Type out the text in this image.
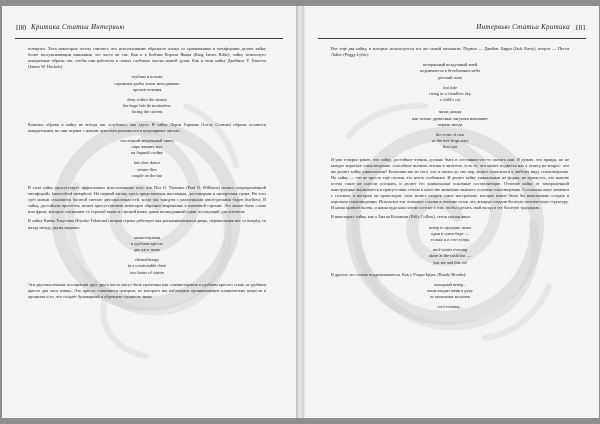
100 Критика Статьи Интервью

потерпел. Хотя некоторые поэты считают, что использование образного языка со сравнениями и метафорами делает хайку более заслуживающим внимания, это часто не так. Как и в Библии Короля Якова (King James Bible), хайку использует конкретные образы так, чтобы они работали в самых глубоких частях нашей души. Как в этом хайку Джеймса У. Хэкетта (James W. Hackett):

глубоко в потоке
огромные рыбы лежат неподвижно
против течения
deep within the stream
the huge fish lie motionless
facing the current

Конечно образы в хайку не всегда так «глубоки», как здесь. В хайку Лероя Гормана (Leroy Gorman) образы остаются конкретными, но они играют с нашим чувством реальности в популярных числах:

последний медленный танец
пара зимних мух
на барной стойке
last slow dance
winter flies
couple on the bar

В этом хайку присутствует эффективное использование того, что Пол О. Уильямс (Paul O. Williams) назвал «неразрешённой метафорой» (unresolved metaphor). На первый взгляд здесь представлены настоящая, достоверная и интересная сцена. Но этот срез жизни становится богатой смесью двусмысленностей, когда мы танцуем с различными завсегдатаями баров (barflies). В хайку, достойном простоты, может присутствовать некоторое образное выражение в ключевой строчке. Это может быть слово или фраза, которые соединяют со строкой выше и строкой ниже, давая неожиданный сдвиг ассоциаций для читателя.

В хайку Киёко Токутоми (Kiyoko Tokutomi) вторая строка действует как раскачивающиеся дверь, переносящая нас то вперёд, то назад между двумя мирами:

химиотерапия
в удобном кресле
два часа зимы
chemotherapy
in a comfortable chair
two hours of winter

Эти двусмысленные ассоциации друг друга часто могут быть прочтены как «химиотерапия в удобном кресле» и как «в удобном кресле два часа зимы». Это кресло становится центром, из которого мы наблюдаем проникновение клинических веществ в организм и то, что создаёт бульварный и образную сущность зимы.

Интервью Статьи Критика 101

Вот ещё два хайку, в которых используется тот же самый механизм. Первое — Джеймс Барри (Jack Barry), второе — Пегги Лайлс (Peggy Lyles):

потерянный воздушный змей
поднимается в безоблачное небо
детский плач
lost kite
rising in a cloudless sky
a child's cry
запах дождя
как только древесные лягушки начинают
первая звезда
the scent of rain
as the tree frogs start
first star

Я уже говорил ранее, что хайку, достойное чтения, должно быть в состоянии что-то сказать нам. Я думаю, что правда, но не каждое короткое стихотворение, способное вызвать отклик в читателе, есть то, что может подвести нас к ответу на вопрос: что же делает хайку уникальным? Большинство из того, что я сказал до сих пор, может относиться к любому виду стихотворения. Но хайку — это не просто ещё поэзия, это нечто особенное. И делает хайку уникальным не форма, не краткость, что многие поэты такое не смогли осознать, и делает его уникальным основные составляющие. Отличие хайку от замороженной конструкции заключается в присутствии сезона в качестве жизненно важного условия стихотворения. Составляя опыт момента с сезоном, в котором он происходит, поэт может создать такое настроение, которое иначе было бы невозможно создать в коротком стихотворении. Используя эти сезонные ссылки в течение сотен лет, японцы создали богатую поэтическую структуру. И наша правительства, и наши куда нам потом состоят в том, чтобы сделать свой вклад в эту богатую традицию.

В некоторых хайку, как у Билли Коллинза (Billy Collins), сезон указан явно:

вечер в середине зимы
один в суши-баре —
только я и этот угорь
mid-winter evening
alone at the sushi bar —
just me and this eel

В других это только подразумевается. Как у Рэнди Брукс (Randy Brooks):

холодный вечер...
чаша входит меня в руку
от молочных молочек
cool evening...
